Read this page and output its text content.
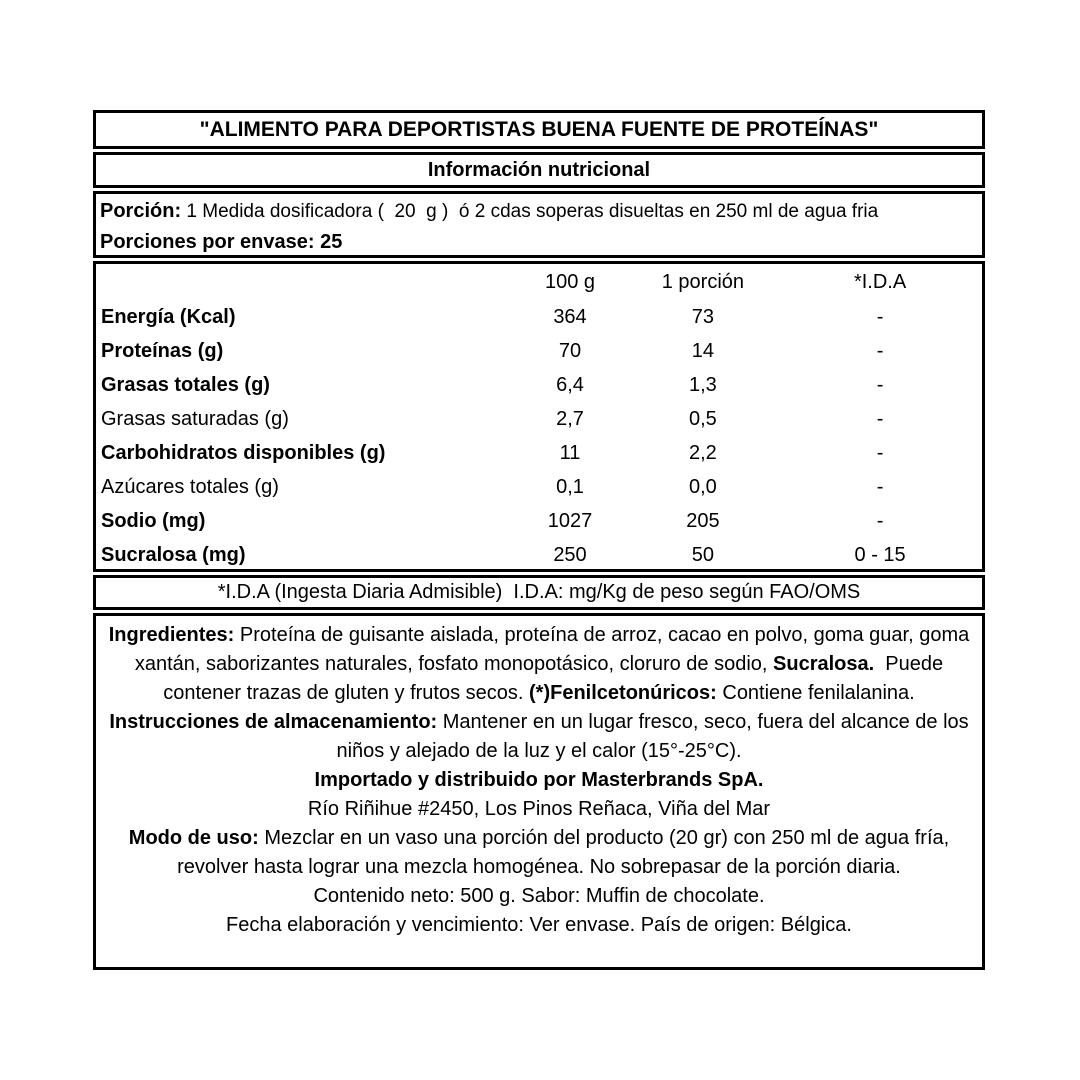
"ALIMENTO PARA DEPORTISTAS BUENA FUENTE DE PROTEÍNAS"
Información nutricional
Porción: 1 Medida dosificadora (  20  g )  ó 2 cdas soperas disueltas en 250 ml de agua fria
Porciones por envase: 25
	100 g	1 porción	*I.D.A
Energía (Kcal)	364	73	-
Proteínas (g)	70	14	-
Grasas totales (g)	6,4	1,3	-
Grasas saturadas (g)	2,7	0,5	-
Carbohidratos disponibles (g)	11	2,2	-
Azúcares totales (g)	0,1	0,0	-
Sodio (mg)	1027	205	-
Sucralosa (mg)	250	50	0 - 15
*I.D.A (Ingesta Diaria Admisible)  I.D.A: mg/Kg de peso según FAO/OMS

Ingredientes: Proteína de guisante aislada, proteína de arroz, cacao en polvo, goma guar, goma xantán, saborizantes naturales, fosfato monopotásico, cloruro de sodio, Sucralosa.  Puede contener trazas de gluten y frutos secos. (*)Fenilcetonúricos: Contiene fenilalanina.

Instrucciones de almacenamiento: Mantener en un lugar fresco, seco, fuera del alcance de los niños y alejado de la luz y el calor (15°-25°C).

Importado y distribuido por Masterbrands SpA.

Río Riñihue #2450, Los Pinos Reñaca, Viña del Mar

Modo de uso: Mezclar en un vaso una porción del producto (20 gr) con 250 ml de agua fría, revolver hasta lograr una mezcla homogénea. No sobrepasar de la porción diaria.

Contenido neto: 500 g. Sabor: Muffin de chocolate.

Fecha elaboración y vencimiento: Ver envase. País de origen: Bélgica.
